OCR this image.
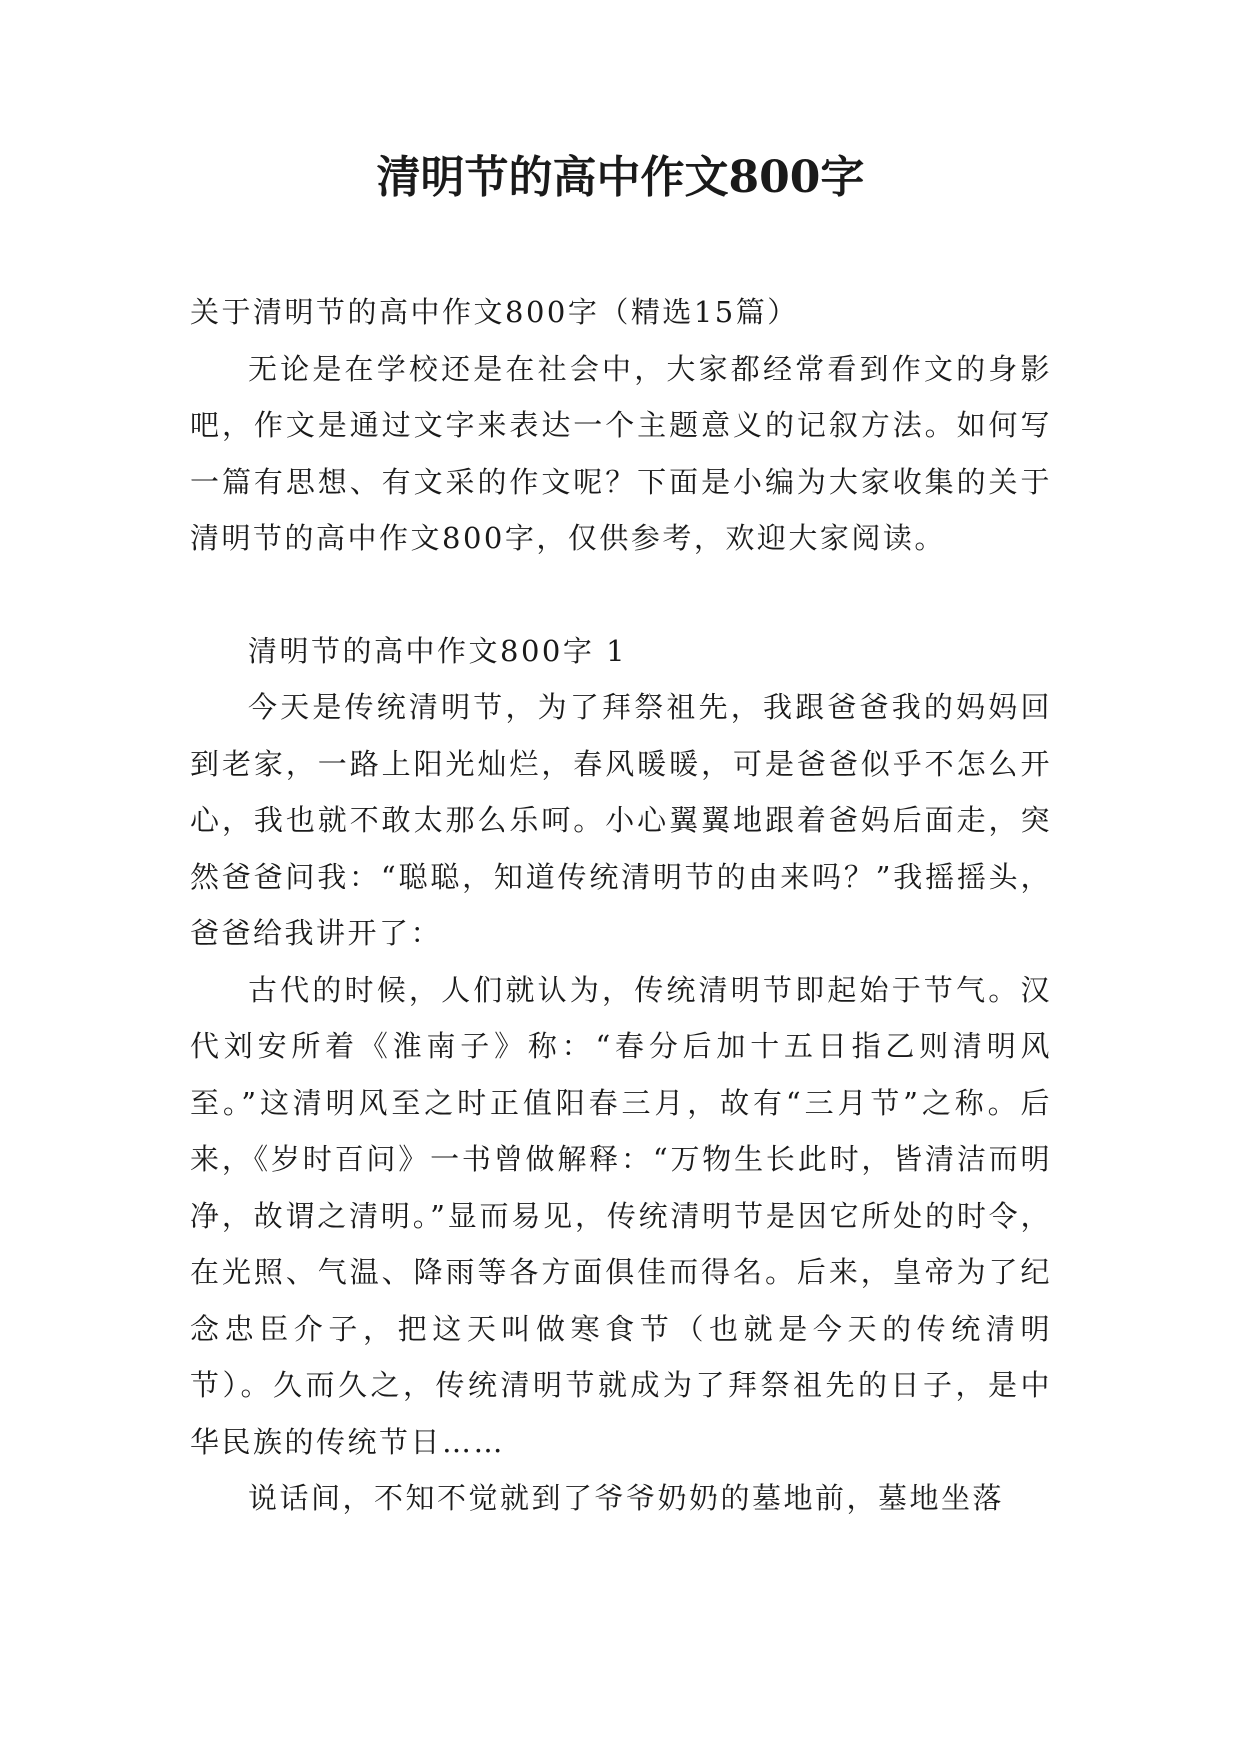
清明节的高中作文800字

关于清明节的高中作文800字（精选15篇）

无论是在学校还是在社会中，大家都经常看到作文的身影吧，作文是通过文字来表达一个主题意义的记叙方法。如何写一篇有思想、有文采的作文呢？下面是小编为大家收集的关于清明节的高中作文800字，仅供参考，欢迎大家阅读。

清明节的高中作文800字 1

今天是传统清明节，为了拜祭祖先，我跟爸爸我的妈妈回到老家，一路上阳光灿烂，春风暖暖，可是爸爸似乎不怎么开心，我也就不敢太那么乐呵。小心翼翼地跟着爸妈后面走，突然爸爸问我：“聪聪，知道传统清明节的由来吗？”我摇摇头，爸爸给我讲开了：

古代的时候，人们就认为，传统清明节即起始于节气。汉代刘安所着《淮南子》称：“春分后加十五日指乙则清明风至。”这清明风至之时正值阳春三月，故有“三月节”之称。后来，《岁时百问》一书曾做解释：“万物生长此时，皆清洁而明净，故谓之清明。”显而易见，传统清明节是因它所处的时令，在光照、气温、降雨等各方面俱佳而得名。后来，皇帝为了纪念忠臣介子，把这天叫做寒食节（也就是今天的传统清明节）。久而久之，传统清明节就成为了拜祭祖先的日子，是中华民族的传统节日……

说话间，不知不觉就到了爷爷奶奶的墓地前，墓地坐落
